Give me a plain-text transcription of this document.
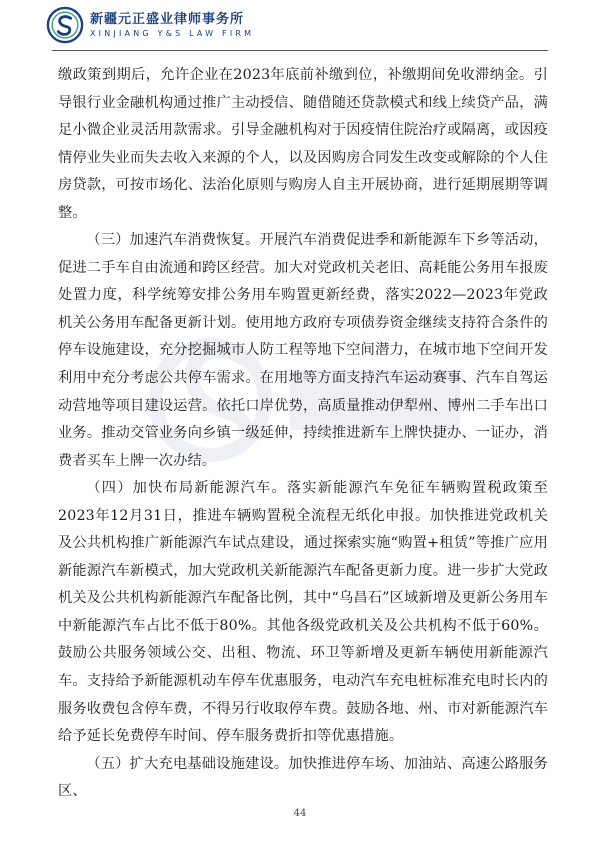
新疆元正盛业律师事务所
XINJIANG Y&S LAW FIRM

缴政策到期后，允许企业在2023年底前补缴到位，补缴期间免收滞纳金。引导银行业金融机构通过推广主动授信、随借随还贷款模式和线上续贷产品，满足小微企业灵活用款需求。引导金融机构对于因疫情住院治疗或隔离，或因疫情停业失业而失去收入来源的个人，以及因购房合同发生改变或解除的个人住房贷款，可按市场化、法治化原则与购房人自主开展协商，进行延期展期等调整。

（三）加速汽车消费恢复。开展汽车消费促进季和新能源车下乡等活动，促进二手车自由流通和跨区经营。加大对党政机关老旧、高耗能公务用车报废处置力度，科学统筹安排公务用车购置更新经费，落实2022—2023年党政机关公务用车配备更新计划。使用地方政府专项债券资金继续支持符合条件的停车设施建设，充分挖掘城市人防工程等地下空间潜力，在城市地下空间开发利用中充分考虑公共停车需求。在用地等方面支持汽车运动赛事、汽车自驾运动营地等项目建设运营。依托口岸优势，高质量推动伊犁州、博州二手车出口业务。推动交管业务向乡镇一级延伸，持续推进新车上牌快捷办、一证办，消费者买车上牌一次办结。

（四）加快布局新能源汽车。落实新能源汽车免征车辆购置税政策至2023年12月31日，推进车辆购置税全流程无纸化申报。加快推进党政机关及公共机构推广新能源汽车试点建设，通过探索实施“购置+租赁”等推广应用新能源汽车新模式，加大党政机关新能源汽车配备更新力度。进一步扩大党政机关及公共机构新能源汽车配备比例，其中“乌昌石”区域新增及更新公务用车中新能源汽车占比不低于80%。其他各级党政机关及公共机构不低于60%。鼓励公共服务领域公交、出租、物流、环卫等新增及更新车辆使用新能源汽车。支持给予新能源机动车停车优惠服务，电动汽车充电桩标准充电时长内的服务收费包含停车费，不得另行收取停车费。鼓励各地、州、市对新能源汽车给予延长免费停车时间、停车服务费折扣等优惠措施。

（五）扩大充电基础设施建设。加快推进停车场、加油站、高速公路服务区、

44
